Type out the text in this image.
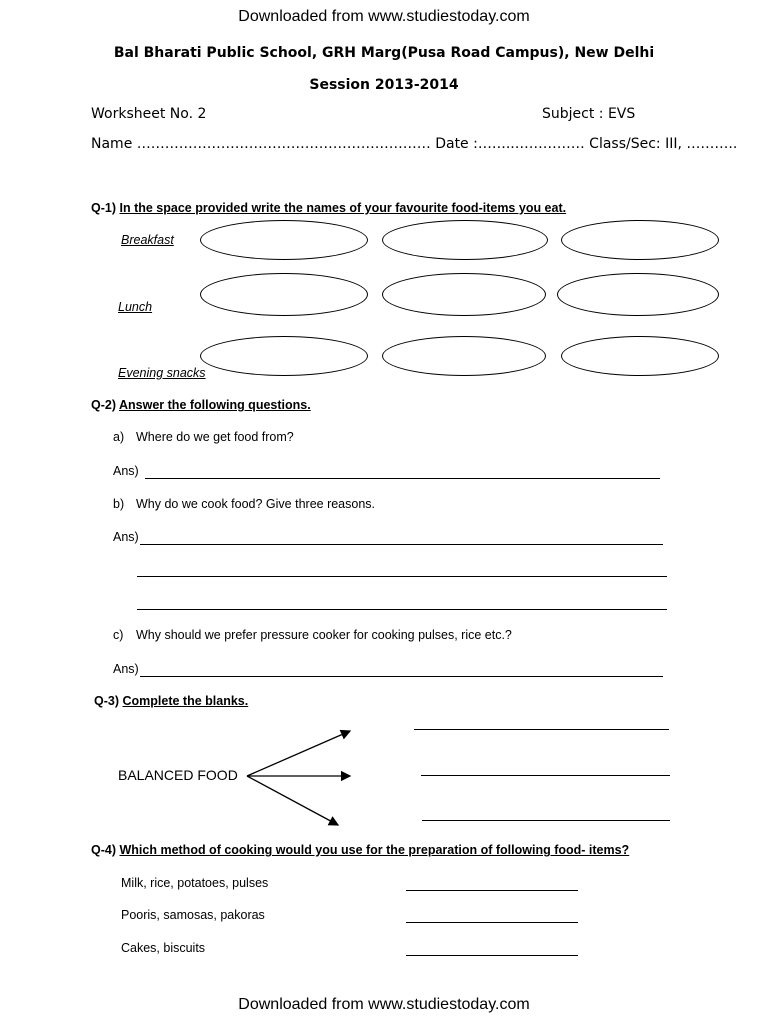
Downloaded from www.studiestoday.com
Bal Bharati Public School, GRH Marg(Pusa Road Campus), New Delhi
Session 2013-2014
Worksheet No. 2	Subject : EVS
Name ……………………………………………………… Date :……..…………… Class/Sec: III, ………..
Q-1) In the space provided write the names of your favourite food-items you eat.
Breakfast
Lunch
Evening snacks
Q-2) Answer the following questions.
a) Where do we get food from?
Ans)
b) Why do we cook food? Give three reasons.
Ans)
c) Why should we prefer pressure cooker for cooking pulses, rice etc.?
Ans)
Q-3) Complete the blanks.
BALANCED FOOD
Q-4) Which method of cooking would you use for the preparation of following food- items?
Milk, rice, potatoes, pulses
Pooris, samosas, pakoras
Cakes, biscuits
Downloaded from www.studiestoday.com
